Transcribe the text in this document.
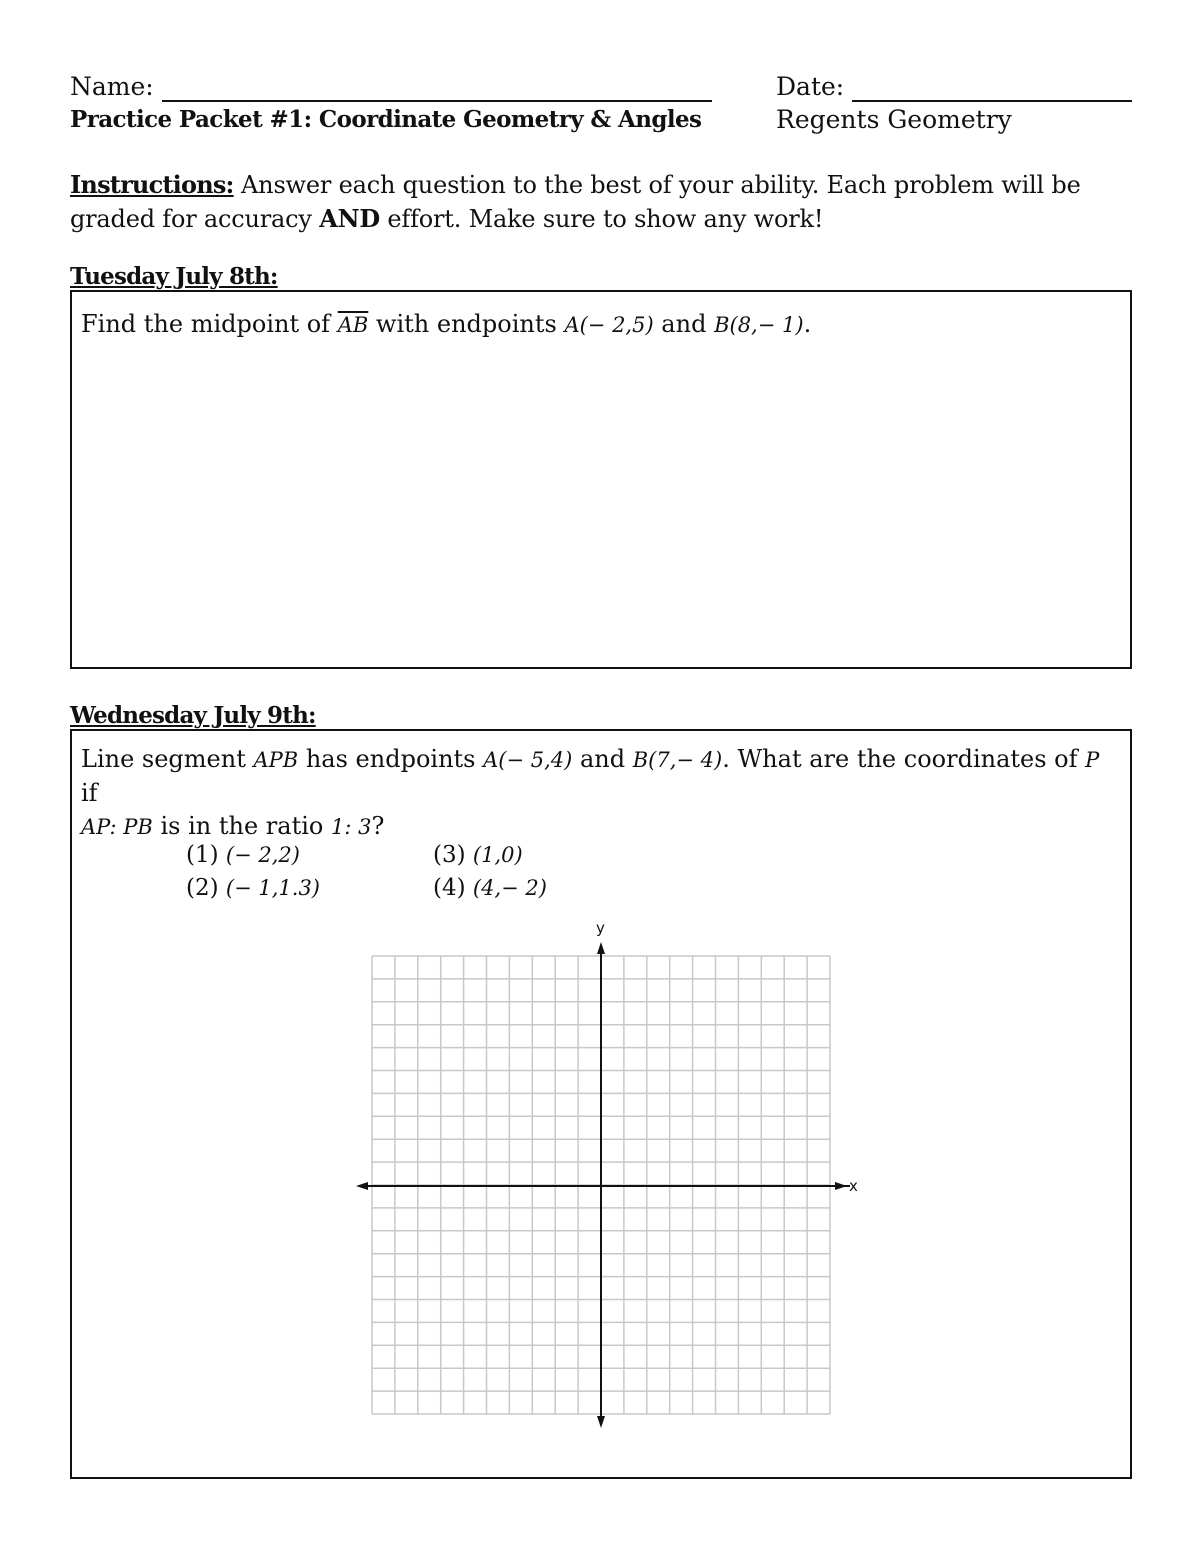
Name:	Date:
Practice Packet #1: Coordinate Geometry & Angles	Regents Geometry
Instructions: Answer each question to the best of your ability. Each problem will be graded for accuracy AND effort. Make sure to show any work!
Tuesday July 8th:
Find the midpoint of $\overline{AB}$ with endpoints A(− 2,5) and B(8,− 1).
Wednesday July 9th:
Line segment APB has endpoints A(− 5,4) and B(7,− 4). What are the coordinates of P if
AP: PB is in the ratio 1: 3?
(1) (− 2,2)
(2) (− 1,1.3)
(3) (1,0)
(4) (4,− 2)
x
y
